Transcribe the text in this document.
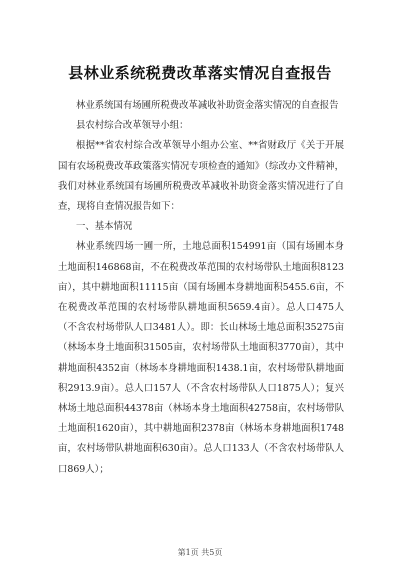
县林业系统税费改革落实情况自查报告

林业系统国有场圃所税费改革减收补助资金落实情况的自查报告

县农村综合改革领导小组：

根据**省农村综合改革领导小组办公室、**省财政厅《关于开展国有农场税费改革政策落实情况专项检查的通知》（综改办文件精神，我们对林业系统国有场圃所税费改革减收补助资金落实情况进行了自查，现将自查情况报告如下：

一、基本情况

林业系统四场一圃一所，土地总面积154991亩（国有场圃本身土地面积146868亩，不在税费改革范围的农村场带队土地面积8123亩），其中耕地面积11115亩（国有场圃本身耕地面积5455.6亩，不在税费改革范围的农村场带队耕地面积5659.4亩）。总人口475人（不含农村场带队人口3481人）。即：长山林场土地总面积35275亩（林场本身土地面积31505亩，农村场带队土地面积3770亩），其中耕地面积4352亩（林场本身耕地面积1438.1亩，农村场带队耕地面积2913.9亩）。总人口157人（不含农村场带队人口1875人）；复兴林场土地总面积44378亩（林场本身土地面积42758亩，农村场带队土地面积1620亩），其中耕地面积2378亩（林场本身耕地面积1748亩，农村场带队耕地面积630亩）。总人口133人（不含农村场带队人口869人）；

第1页 共5页
